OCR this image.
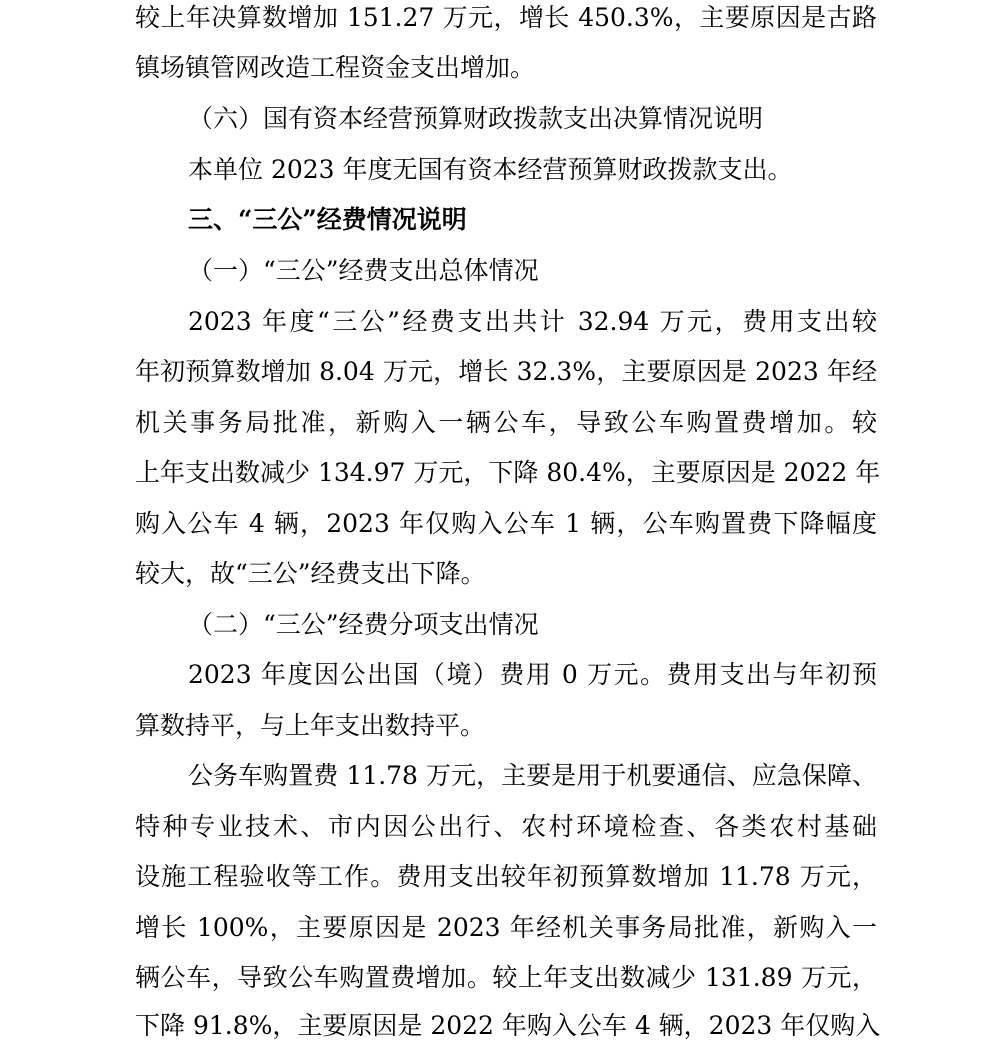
较上年决算数增加 151.27 万元，增长 450.3%，主要原因是古路
镇场镇管网改造工程资金支出增加。
（六）国有资本经营预算财政拨款支出决算情况说明
本单位 2023 年度无国有资本经营预算财政拨款支出。
三、“三公”经费情况说明
（一）“三公”经费支出总体情况
2023 年度“三公”经费支出共计 32.94 万元，费用支出较
年初预算数增加 8.04 万元，增长 32.3%，主要原因是 2023 年经
机关事务局批准，新购入一辆公车，导致公车购置费增加。较
上年支出数减少 134.97 万元，下降 80.4%，主要原因是 2022 年
购入公车 4 辆，2023 年仅购入公车 1 辆，公车购置费下降幅度
较大，故“三公”经费支出下降。
（二）“三公”经费分项支出情况
2023 年度因公出国（境）费用 0 万元。费用支出与年初预
算数持平，与上年支出数持平。
公务车购置费 11.78 万元，主要是用于机要通信、应急保障、
特种专业技术、市内因公出行、农村环境检查、各类农村基础
设施工程验收等工作。费用支出较年初预算数增加 11.78 万元，
增长 100%，主要原因是 2023 年经机关事务局批准，新购入一
辆公车，导致公车购置费增加。较上年支出数减少 131.89 万元，
下降 91.8%，主要原因是 2022 年购入公车 4 辆，2023 年仅购入
